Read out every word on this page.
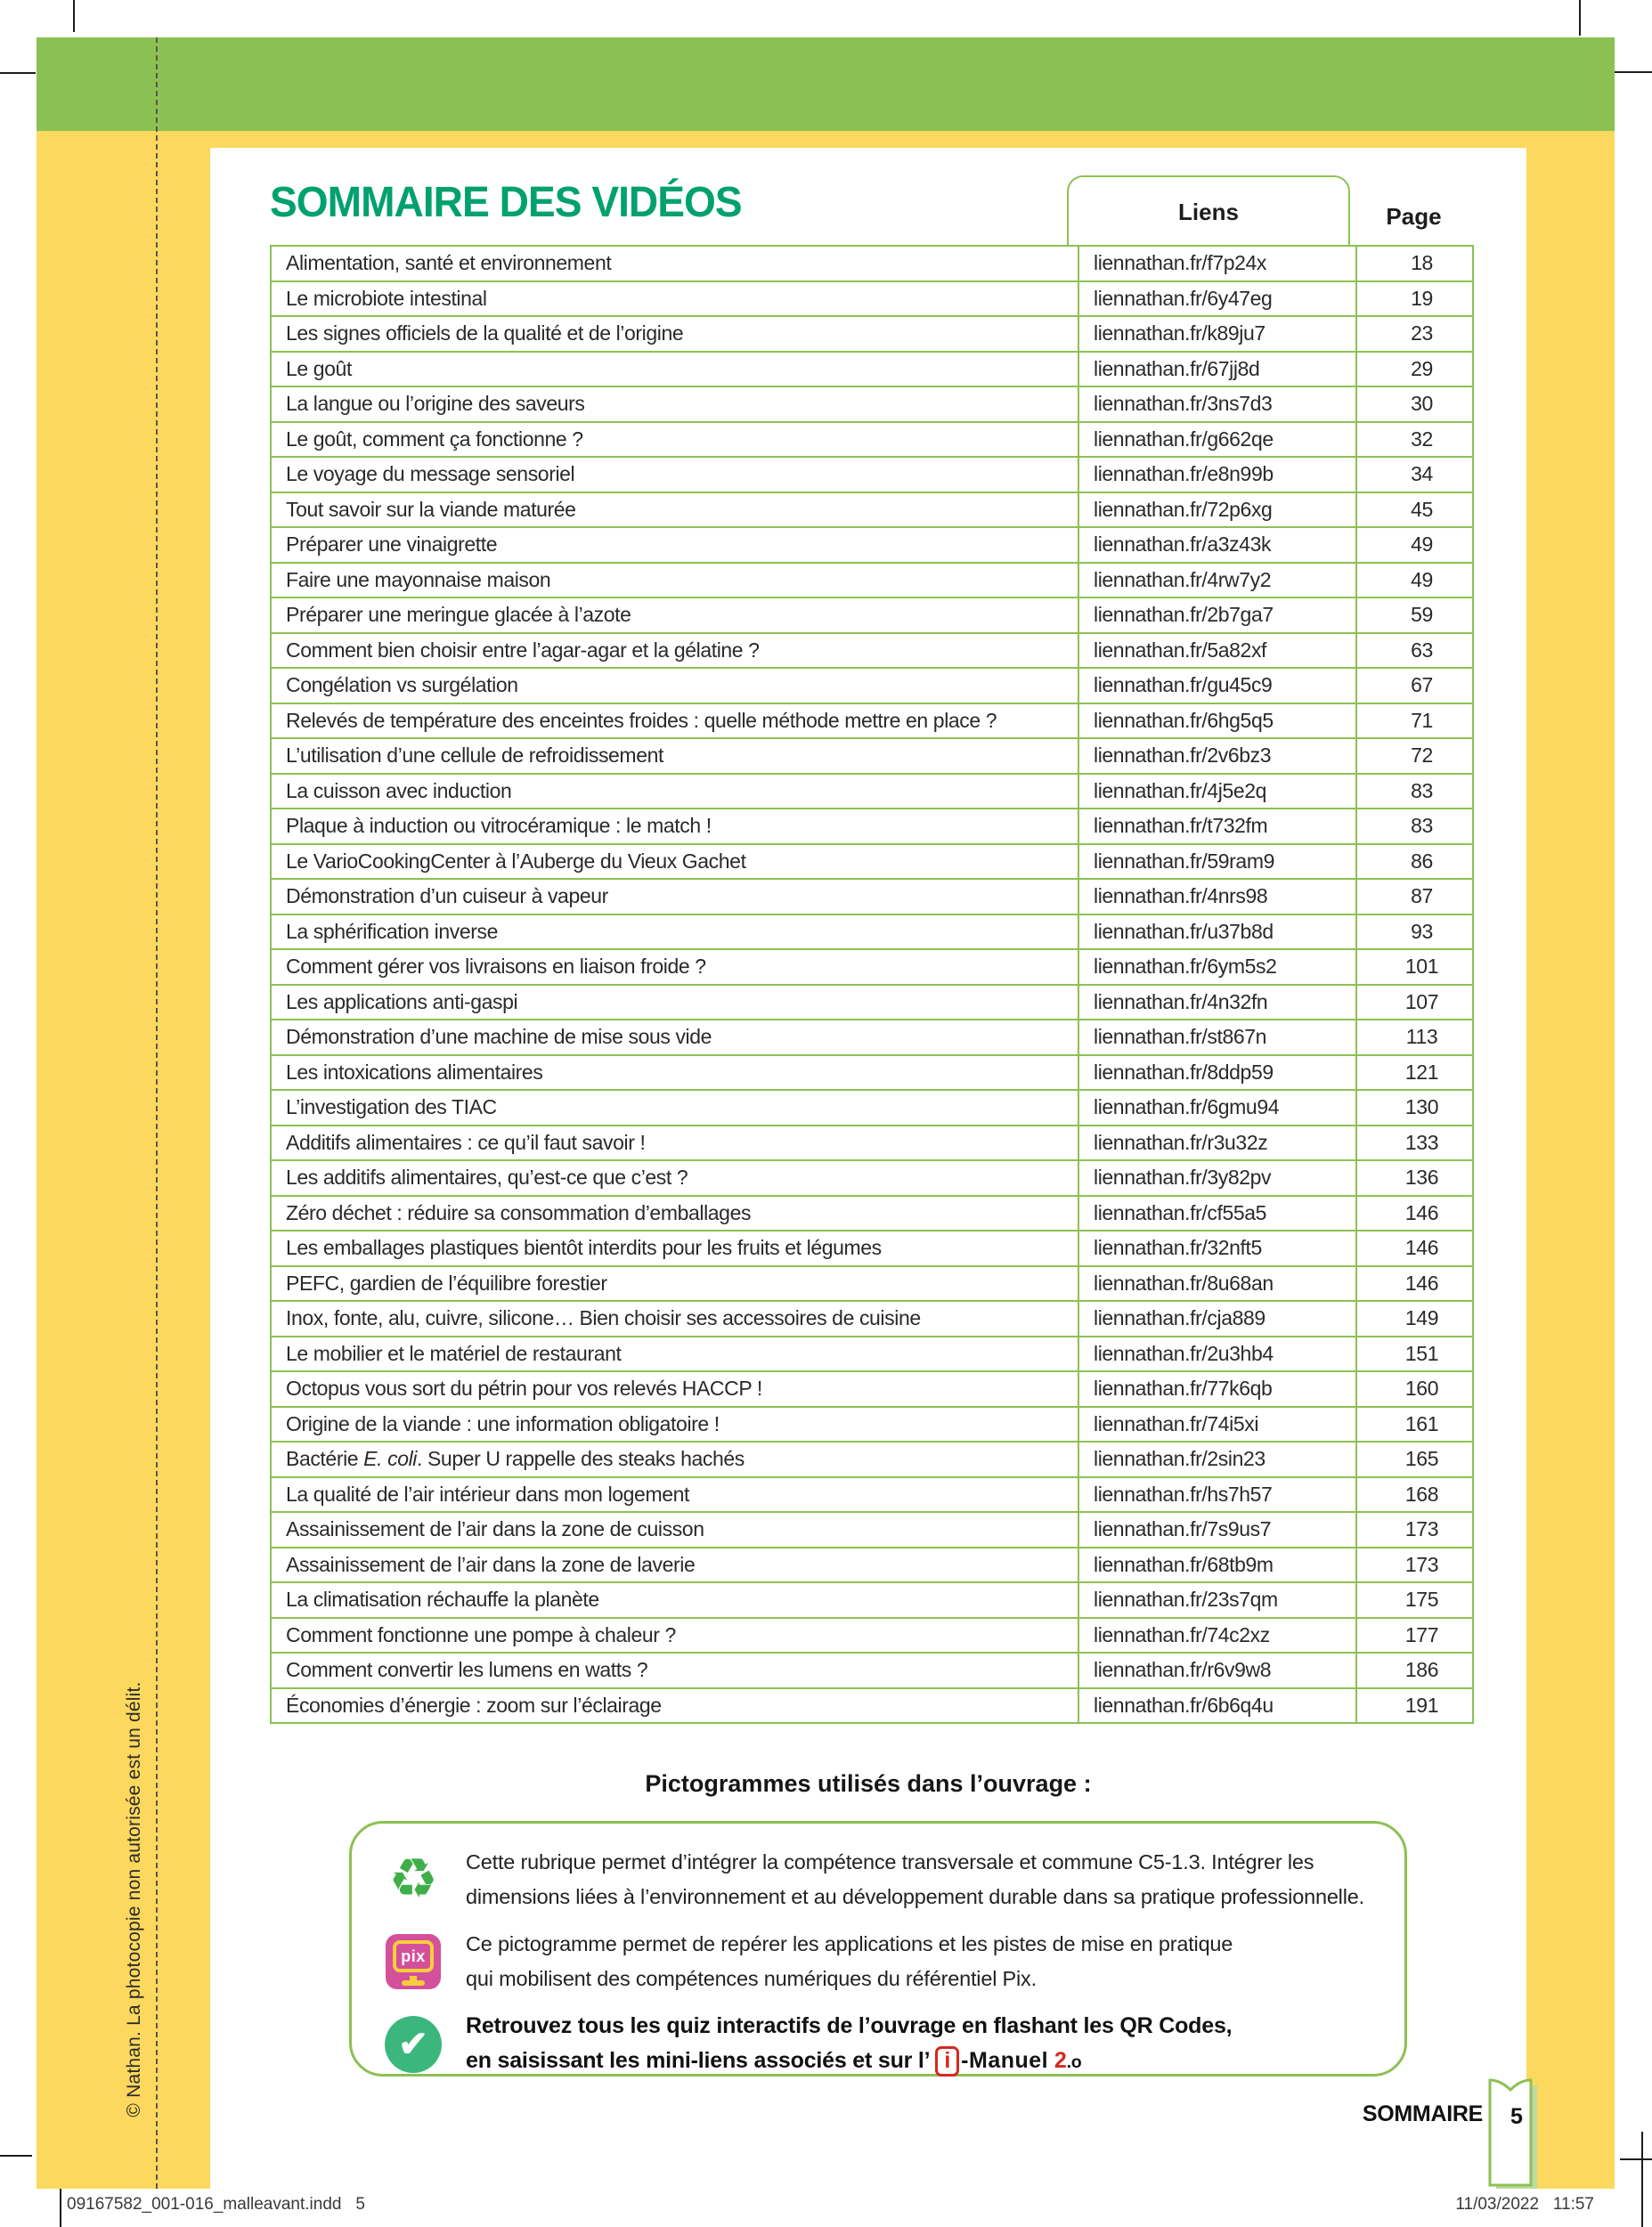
© Nathan. La photocopie non autorisée est un délit.
SOMMAIRE DES VIDÉOS	Liens	Page
Alimentation, santé et environnement	liennathan.fr/f7p24x	18
Le microbiote intestinal	liennathan.fr/6y47eg	19
Les signes officiels de la qualité et de l’origine	liennathan.fr/k89ju7	23
Le goût	liennathan.fr/67jj8d	29
La langue ou l’origine des saveurs	liennathan.fr/3ns7d3	30
Le goût, comment ça fonctionne ?	liennathan.fr/g662qe	32
Le voyage du message sensoriel	liennathan.fr/e8n99b	34
Tout savoir sur la viande maturée	liennathan.fr/72p6xg	45
Préparer une vinaigrette	liennathan.fr/a3z43k	49
Faire une mayonnaise maison	liennathan.fr/4rw7y2	49
Préparer une meringue glacée à l’azote	liennathan.fr/2b7ga7	59
Comment bien choisir entre l’agar-agar et la gélatine ?	liennathan.fr/5a82xf	63
Congélation vs surgélation	liennathan.fr/gu45c9	67
Relevés de température des enceintes froides : quelle méthode mettre en place ?	liennathan.fr/6hg5q5	71
L’utilisation d’une cellule de refroidissement	liennathan.fr/2v6bz3	72
La cuisson avec induction	liennathan.fr/4j5e2q	83
Plaque à induction ou vitrocéramique : le match !	liennathan.fr/t732fm	83
Le VarioCookingCenter à l’Auberge du Vieux Gachet	liennathan.fr/59ram9	86
Démonstration d’un cuiseur à vapeur	liennathan.fr/4nrs98	87
La sphérification inverse	liennathan.fr/u37b8d	93
Comment gérer vos livraisons en liaison froide ?	liennathan.fr/6ym5s2	101
Les applications anti-gaspi	liennathan.fr/4n32fn	107
Démonstration d’une machine de mise sous vide	liennathan.fr/st867n	113
Les intoxications alimentaires	liennathan.fr/8ddp59	121
L’investigation des TIAC	liennathan.fr/6gmu94	130
Additifs alimentaires : ce qu’il faut savoir !	liennathan.fr/r3u32z	133
Les additifs alimentaires, qu’est-ce que c’est ?	liennathan.fr/3y82pv	136
Zéro déchet : réduire sa consommation d’emballages	liennathan.fr/cf55a5	146
Les emballages plastiques bientôt interdits pour les fruits et légumes	liennathan.fr/32nft5	146
PEFC, gardien de l’équilibre forestier	liennathan.fr/8u68an	146
Inox, fonte, alu, cuivre, silicone… Bien choisir ses accessoires de cuisine	liennathan.fr/cja889	149
Le mobilier et le matériel de restaurant	liennathan.fr/2u3hb4	151
Octopus vous sort du pétrin pour vos relevés HACCP !	liennathan.fr/77k6qb	160
Origine de la viande : une information obligatoire !	liennathan.fr/74i5xi	161
Bactérie E. coli. Super U rappelle des steaks hachés	liennathan.fr/2sin23	165
La qualité de l’air intérieur dans mon logement	liennathan.fr/hs7h57	168
Assainissement de l’air dans la zone de cuisson	liennathan.fr/7s9us7	173
Assainissement de l’air dans la zone de laverie	liennathan.fr/68tb9m	173
La climatisation réchauffe la planète	liennathan.fr/23s7qm	175
Comment fonctionne une pompe à chaleur ?	liennathan.fr/74c2xz	177
Comment convertir les lumens en watts ?	liennathan.fr/r6v9w8	186
Économies d’énergie : zoom sur l’éclairage	liennathan.fr/6b6q4u	191
Pictogrammes utilisés dans l’ouvrage :
♻ Cette rubrique permet d’intégrer la compétence transversale et commune C5-1.3. Intégrer les
dimensions liées à l’environnement et au développement durable dans sa pratique professionnelle.
pix
Ce pictogramme permet de repérer les applications et les pistes de mise en pratique
qui mobilisent des compétences numériques du référentiel Pix.
✔	Retrouvez tous les quiz interactifs de l’ouvrage en flashant les QR Codes,
en saisissant les mini-liens associés et sur l’ i -Manuel 2.o
SOMMAIRE	5
09167582_001-016_malleavant.indd   5	11/03/2022   11:57
